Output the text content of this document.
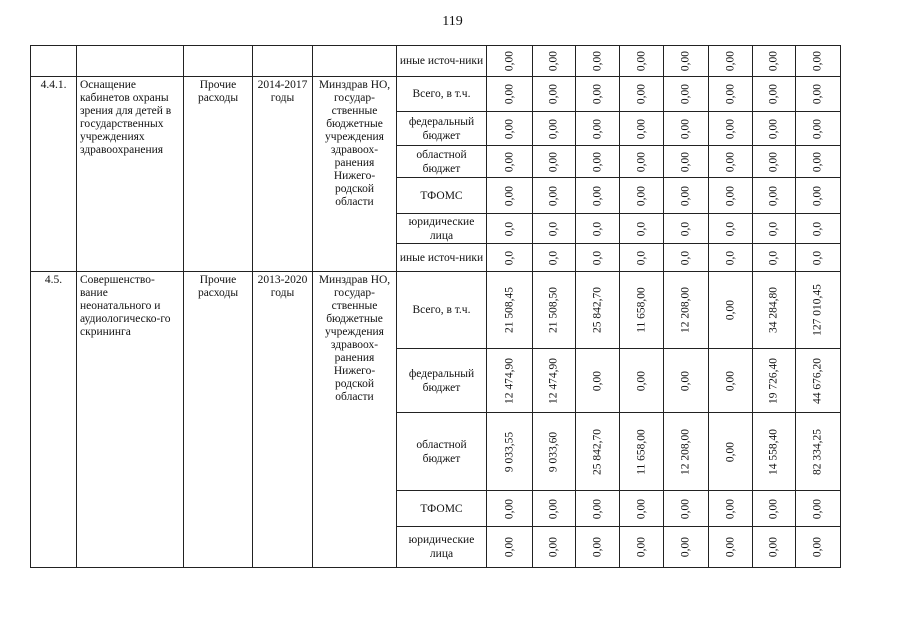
119
					иные источ-ники	0,00	0,00	0,00	0,00	0,00	0,00	0,00	0,00

4.4.1.	Оснащение кабинетов охраны зрения для детей в государственных учреждениях здравоохранения	Прочие расходы	2014-2017 годы	Минздрав НО, государ-ственные бюджетные учреждения здравоох-ранения Нижего-родской области	Всего, в т.ч.	0,00	0,00	0,00	0,00	0,00	0,00	0,00	0,00

					федеральный бюджет	0,00	0,00	0,00	0,00	0,00	0,00	0,00	0,00

					областной бюджет	0,00	0,00	0,00	0,00	0,00	0,00	0,00	0,00

					ТФОМС	0,00	0,00	0,00	0,00	0,00	0,00	0,00	0,00

					юридические лица	0,0	0,0	0,0	0,0	0,0	0,0	0,0	0,0

					иные источ-ники	0,0	0,0	0,0	0,0	0,0	0,0	0,0	0,0

4.5.	Совершенство-вание неонатального и аудиологическо-го скрининга	Прочие расходы	2013-2020 годы	Минздрав НО, государ-ственные бюджетные учреждения здравоох-ранения Нижего-родской области	Всего, в т.ч.	21 508,45	21 508,50	25 842,70	11 658,00	12 208,00	0,00	34 284,80	127 010,45

					федеральный бюджет	12 474,90	12 474,90	0,00	0,00	0,00	0,00	19 726,40	44 676,20

					областной бюджет	9 033,55	9 033,60	25 842,70	11 658,00	12 208,00	0,00	14 558,40	82 334,25

					ТФОМС	0,00	0,00	0,00	0,00	0,00	0,00	0,00	0,00

					юридические лица	0,00	0,00	0,00	0,00	0,00	0,00	0,00	0,00
